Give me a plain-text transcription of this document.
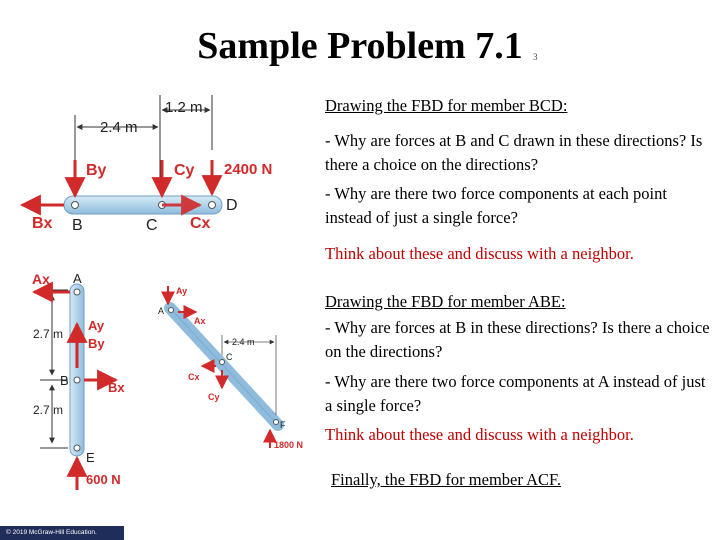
Sample Problem 7.1	3
1.2 m
2.4 m
By	Cy 2400 N
Bx	Cx
B	C
D
2.7 m
2.7 m
Ax A
Ay
By
B	Bx
E
600 N
Ay
Ax
A
2.4 m
C
Cx
Cy
F
1800 N
Drawing the FBD for member BCD:
- Why are forces at B and C drawn in these directions? Is there a choice on the directions?
- Why are there two force components at each point instead of just a single force?
Think about these and discuss with a neighbor.
Drawing the FBD for member ABE:
- Why are forces at B in these directions? Is there a choice on the directions?
- Why are there two force components at A instead of just a single force?
Think about these and discuss with a neighbor.
Finally, the FBD for member ACF.
© 2019 McGraw-Hill Education.
